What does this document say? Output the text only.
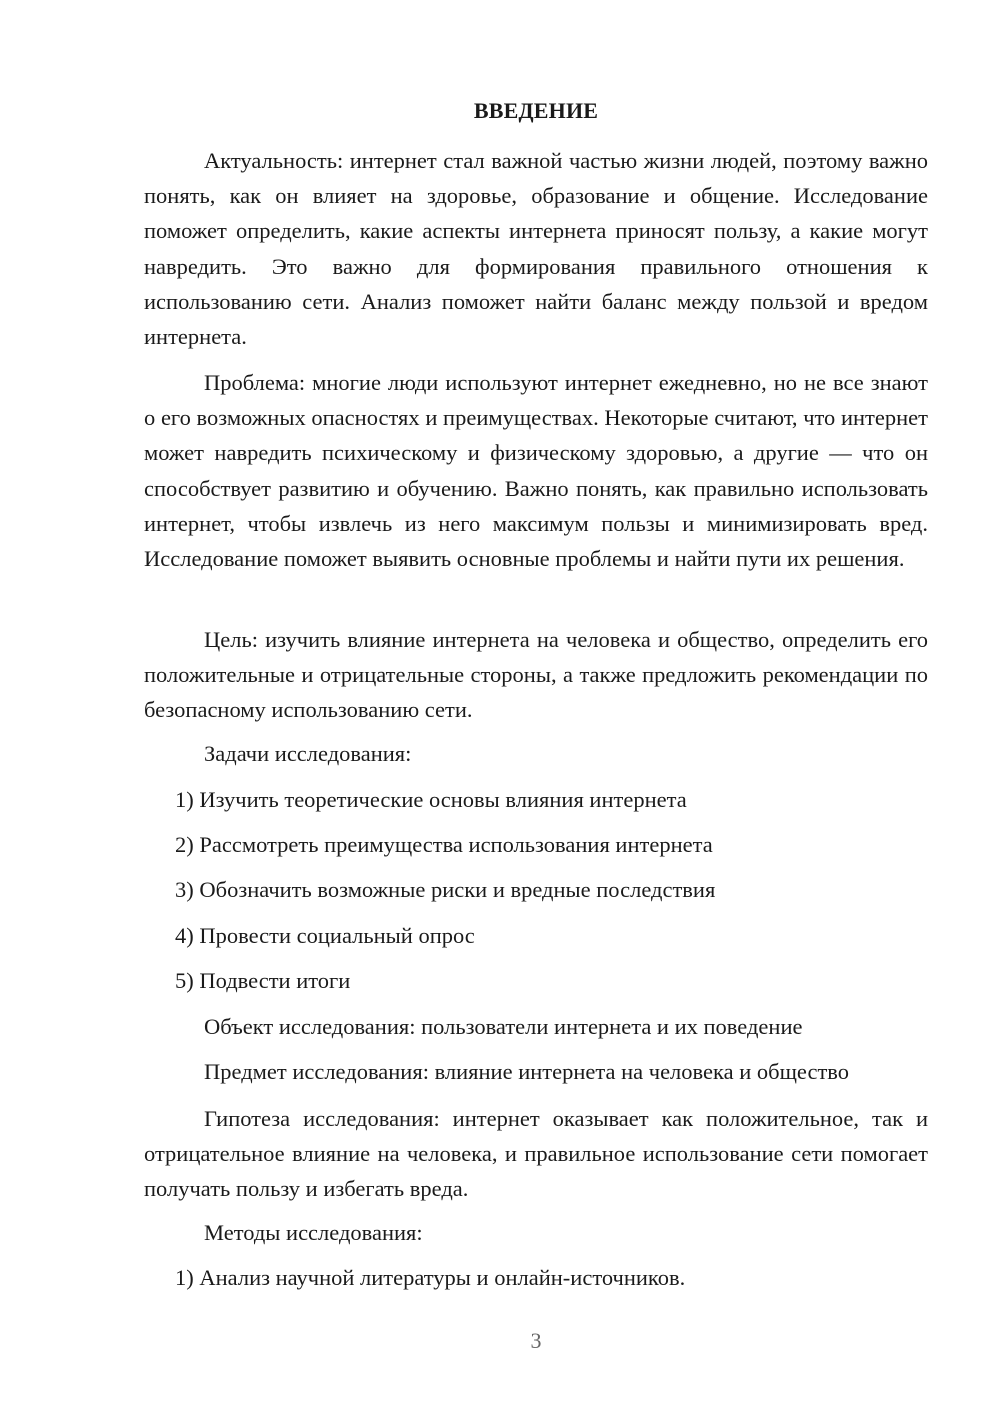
ВВЕДЕНИЕ

Актуальность: интернет стал важной частью жизни людей, поэтому важно понять, как он влияет на здоровье, образование и общение. Исследование поможет определить, какие аспекты интернета приносят пользу, а какие могут навредить. Это важно для формирования правильного отношения к использованию сети. Анализ поможет найти баланс между пользой и вредом интернета.

Проблема: многие люди используют интернет ежедневно, но не все знают о его возможных опасностях и преимуществах. Некоторые считают, что интернет может навредить психическому и физическому здоровью, а другие — что он способствует развитию и обучению. Важно понять, как правильно использовать интернет, чтобы извлечь из него максимум пользы и минимизировать вред. Исследование поможет выявить основные проблемы и найти пути их решения.

Цель: изучить влияние интернета на человека и общество, определить его положительные и отрицательные стороны, а также предложить рекомендации по безопасному использованию сети.

Задачи исследования:

1) Изучить теоретические основы влияния интернета

2) Рассмотреть преимущества использования интернета

3) Обозначить возможные риски и вредные последствия

4) Провести социальный опрос

5) Подвести итоги

Объект исследования: пользователи интернета и их поведение

Предмет исследования: влияние интернета на человека и общество

Гипотеза исследования: интернет оказывает как положительное, так и отрицательное влияние на человека, и правильное использование сети помогает получать пользу и избегать вреда.

Методы исследования:

1) Анализ научной литературы и онлайн-источников.

3
